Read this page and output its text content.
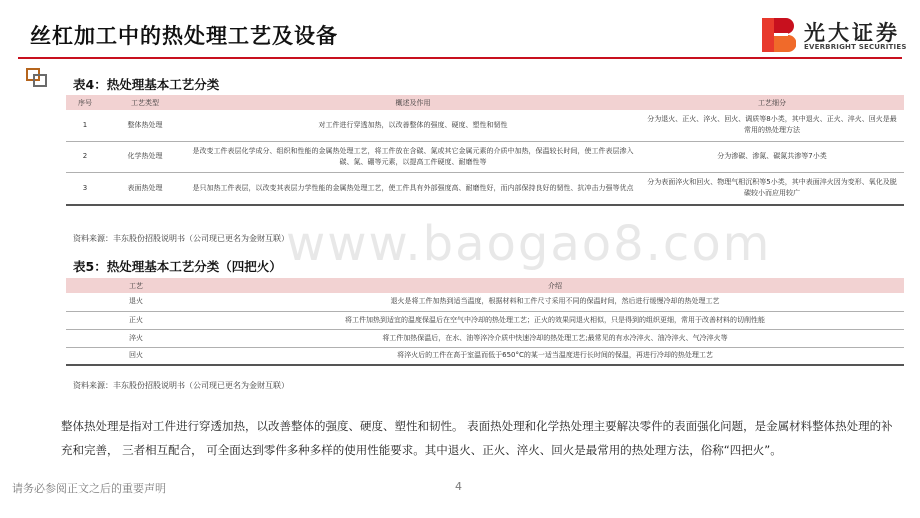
丝杠加工中的热处理工艺及设备	光大证券
EVERBRIGHT SECURITIES
表4：热处理基本工艺分类
序号	工艺类型	概述及作用	工艺细分
1	整体热处理	对工件进行穿透加热，以改善整体的强度、硬度、塑性和韧性	分为退火、正火、淬火、回火、调质等8小类，其中退火、正火、淬火、回火是最常用的热处理方法
2	化学热处理	是改变工件表层化学成分、组织和性能的金属热处理工艺，将工件放在含碳、氮或其它金属元素的介质中加热，保温较长时间，使工件表层渗入碳、氮、硼等元素，以提高工件硬度、耐磨性等	分为渗碳、渗氮、碳氮共渗等7小类
3	表面热处理	是只加热工件表层，以改变其表层力学性能的金属热处理工艺，使工件具有外部强度高、耐磨性好，而内部保持良好的韧性、抗冲击力强等优点	分为表面淬火和回火、物理气相沉积等5小类，其中表面淬火因为变形、氧化及脱碳较小而应用较广
资料来源：丰东股份招股说明书（公司现已更名为金财互联）
www.baogao8.com
表5：热处理基本工艺分类（四把火）
工艺	介绍
退火	退火是将工件加热到适当温度，根据材料和工件尺寸采用不同的保温时间，然后进行缓慢冷却的热处理工艺
正火	将工件加热到适宜的温度保温后在空气中冷却的热处理工艺；正火的效果同退火相似，只是得到的组织更细，常用于改善材料的切削性能
淬火	将工件加热保温后，在水、油等淬冷介质中快速冷却的热处理工艺;最常见的有水冷淬火、油冷淬火、气冷淬火等
回火	将淬火后的工件在高于室温而低于650°C的某一适当温度进行长时间的保温，再进行冷却的热处理工艺
资料来源：丰东股份招股说明书（公司现已更名为金财互联）

整体热处理是指对工件进行穿透加热，以改善整体的强度、硬度、塑性和韧性。 表面热处理和化学热处理主要解决零件的表面强化问题，是金属材料整体热处理的补充和完善， 三者相互配合， 可全面达到零件多种多样的使用性能要求。其中退火、正火、淬火、回火是最常用的热处理方法，俗称“四把火”。

请务必参阅正文之后的重要声明	4
